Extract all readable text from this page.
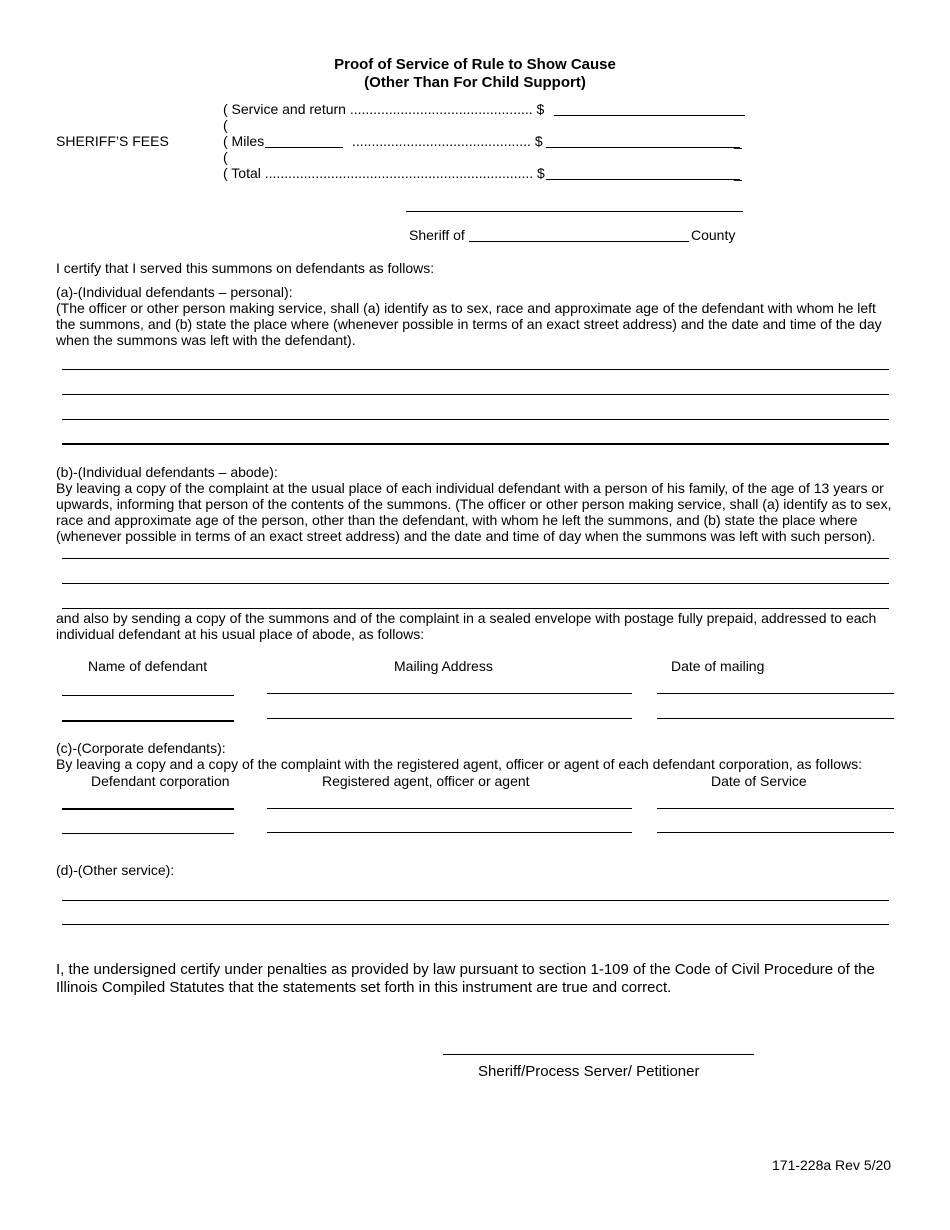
Proof of Service of Rule to Show Cause
(Other Than For Child Support)
SHERIFF’S FEES
( Service and return ............................................... $
(
( Miles	.............................................. $	_
(
( Total ..................................................................... $	_
Sheriff of	County
I certify that I served this summons on defendants as follows:
(a)-(Individual defendants – personal):
(The officer or other person making service, shall (a) identify as to sex, race and approximate age of the defendant with whom he left the summons, and (b) state the place where (whenever possible in terms of an exact street address) and the date and time of the day when the summons was left with the defendant).
(b)-(Individual defendants – abode):
By leaving a copy of the complaint at the usual place of each individual defendant with a person of his family, of the age of 13 years or upwards, informing that person of the contents of the summons. (The officer or other person making service, shall (a) identify as to sex, race and approximate age of the person, other than the defendant, with whom he left the summons, and (b) state the place where (whenever possible in terms of an exact street address) and the date and time of day when the summons was left with such person).
and also by sending a copy of the summons and of the complaint in a sealed envelope with postage fully prepaid, addressed to each individual defendant at his usual place of abode, as follows:
Name of defendant	Mailing Address	Date of mailing
(c)-(Corporate defendants):
By leaving a copy and a copy of the complaint with the registered agent, officer or agent of each defendant corporation, as follows:
Defendant corporation	Registered agent, officer or agent	Date of Service
(d)-(Other service):
I, the undersigned certify under penalties as provided by law pursuant to section 1-109 of the Code of Civil Procedure of the Illinois Compiled Statutes that the statements set forth in this instrument are true and correct.
Sheriff/Process Server/ Petitioner
171-228a Rev 5/20
